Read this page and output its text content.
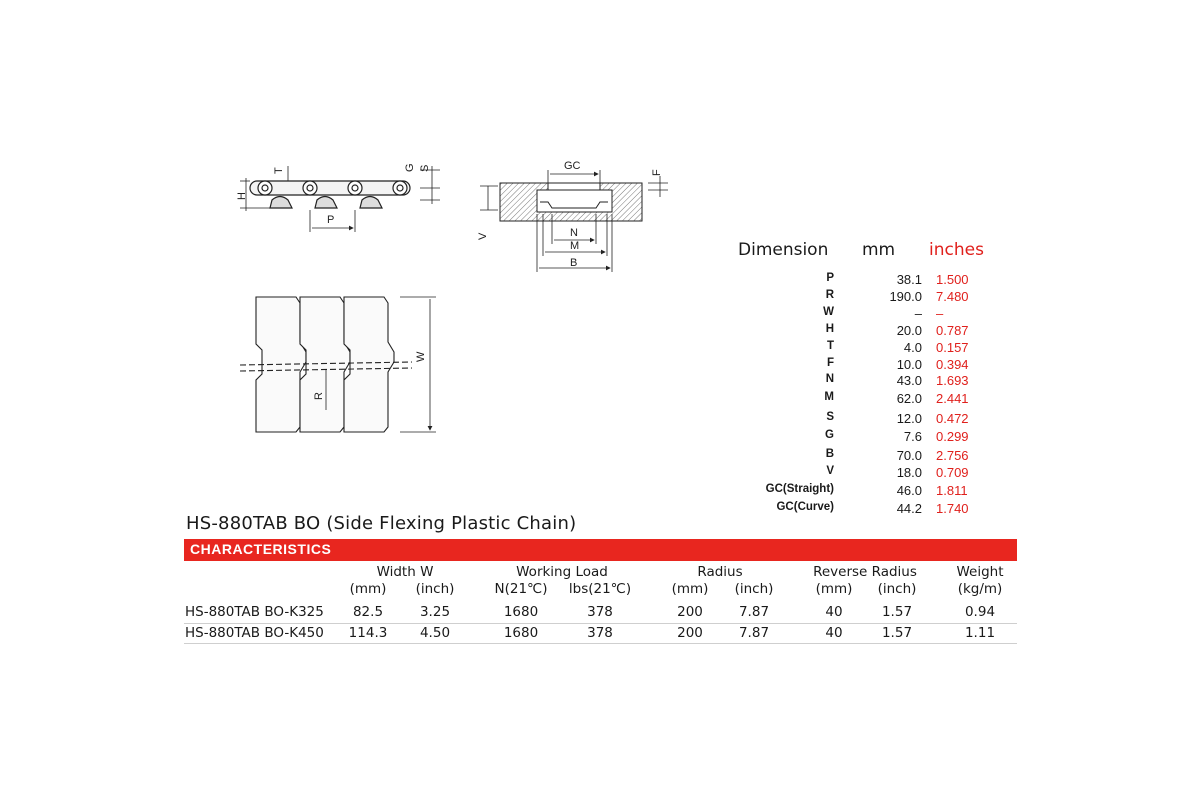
T	G S
H
P
GC
F
V	N
M
B
W
R
Dimension mm inches
P	38.1 1.500
R	190.0 7.480
W	– –
H	20.0 0.787
T	4.0 0.157
F	10.0 0.394
N	43.0 1.693
M	62.0 2.441
S	12.0 0.472
G	7.6 0.299
B	70.0 2.756
V	18.0 0.709
GC(Straight)	46.0 1.811
GC(Curve)	44.2 1.740
HS-880TAB BO (Side Flexing Plastic Chain)
CHARACTERISTICS
Width W	Working Load	Radius	Reverse Radius	Weight
(mm)	(inch)	N(21℃)	lbs(21℃)	(mm)	(inch)	(mm)	(inch)	(kg/m)
HS-880TAB BO-K325	82.5	3.25	1680	378	200	7.87	40	1.57	0.94
HS-880TAB BO-K450	114.3	4.50	1680	378	200	7.87	40	1.57	1.11
